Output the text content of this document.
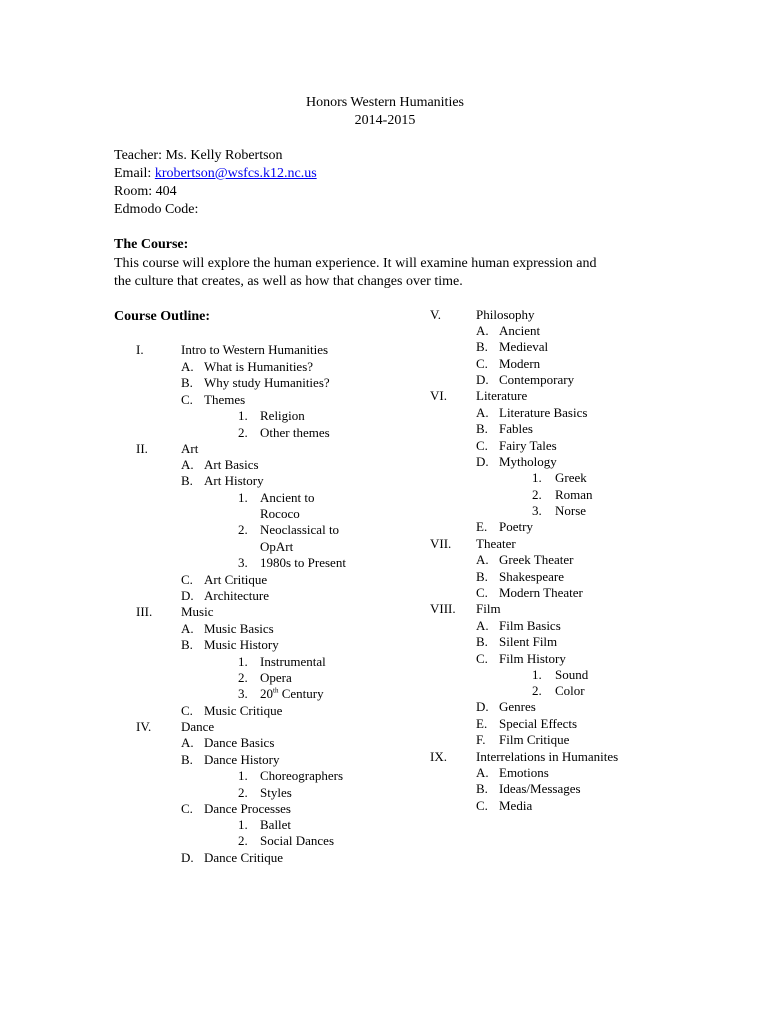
Honors Western Humanities
2014-2015
Teacher: Ms. Kelly Robertson
Email: krobertson@wsfcs.k12.nc.us
Room: 404
Edmodo Code:
The Course:
This course will explore the human experience. It will examine human expression and
the culture that creates, as well as how that changes over time.
Course Outline:
I.	Intro to Western Humanities
A. What is Humanities?
B. Why study Humanities?
C. Themes
1. Religion
2. Other themes
II.	Art
A. Art Basics
B. Art History
1. Ancient to
Rococo
2. Neoclassical to
OpArt
3. 1980s to Present
C. Art Critique
D. Architecture
III. Music
A. Music Basics
B. Music History
1. Instrumental
2. Opera
3. 20th Century
C. Music Critique
IV. Dance
A. Dance Basics
B. Dance History
1. Choreographers
2. Styles
C. Dance Processes
1. Ballet
2. Social Dances
D. Dance Critique
V.	Philosophy
A. Ancient
B. Medieval
C. Modern
D. Contemporary
VI. Literature
A. Literature Basics
B. Fables
C. Fairy Tales
D. Mythology
1. Greek
2. Roman
3. Norse
E. Poetry
VII. Theater
A. Greek Theater
B. Shakespeare
C. Modern Theater
VIII. Film
A. Film Basics
B. Silent Film
C. Film History
1. Sound
2. Color
D. Genres
E. Special Effects
F. Film Critique
IX. Interrelations in Humanites
A. Emotions
B. Ideas/Messages
C. Media
